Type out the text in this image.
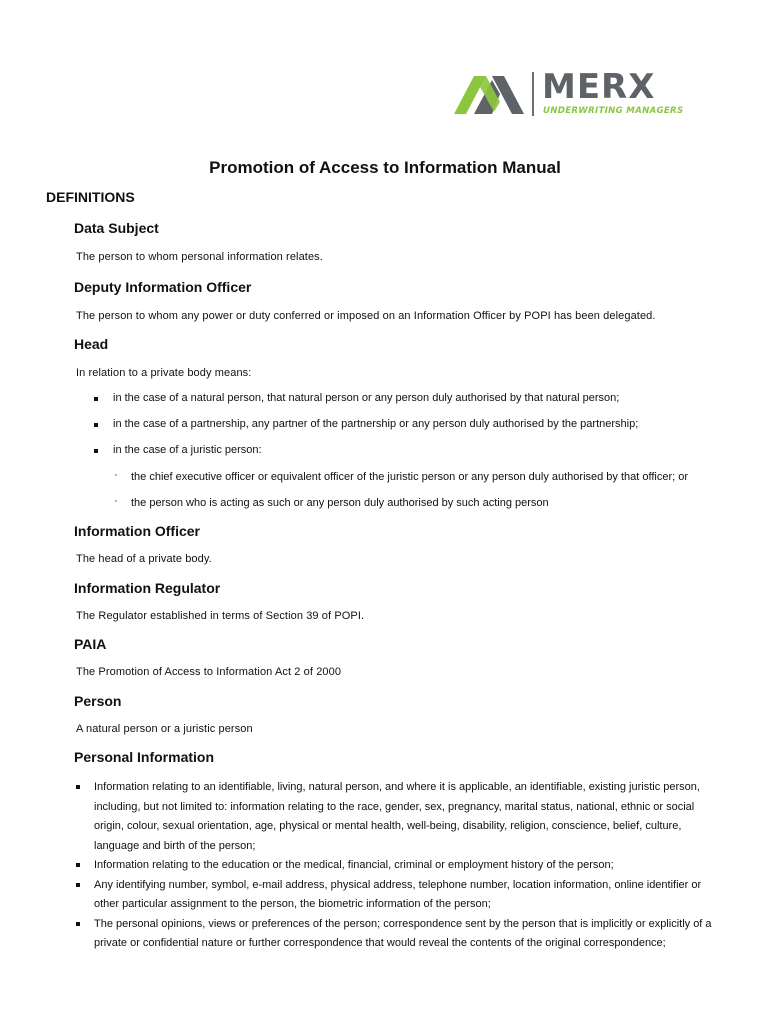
MERX
UNDERWRITING MANAGERS
Promotion of Access to Information Manual
DEFINITIONS
Data Subject

The person to whom personal information relates.

Deputy Information Officer

The person to whom any power or duty conferred or imposed on an Information Officer by POPI has been delegated.

Head

In relation to a private body means:

in the case of a natural person, that natural person or any person duly authorised by that natural person;

in the case of a partnership, any partner of the partnership or any person duly authorised by the partnership;

in the case of a juristic person:

· the chief executive officer or equivalent officer of the juristic person or any person duly authorised by that officer; or

· the person who is acting as such or any person duly authorised by such acting person

Information Officer

The head of a private body.

Information Regulator

The Regulator established in terms of Section 39 of POPI.

PAIA

The Promotion of Access to Information Act 2 of 2000

Person

A natural person or a juristic person

Personal Information
Information relating to an identifiable, living, natural person, and where it is applicable, an identifiable, existing juristic person, including, but not limited to: information relating to the race, gender, sex, pregnancy, marital status, national, ethnic or social origin, colour, sexual orientation, age, physical or mental health, well-being, disability, religion, conscience, belief, culture, language and birth of the person;
Information relating to the education or the medical, financial, criminal or employment history of the person;
Any identifying number, symbol, e-mail address, physical address, telephone number, location information, online identifier or other particular assignment to the person, the biometric information of the person;
The personal opinions, views or preferences of the person; correspondence sent by the person that is implicitly or explicitly of a private or confidential nature or further correspondence that would reveal the contents of the original correspondence;
